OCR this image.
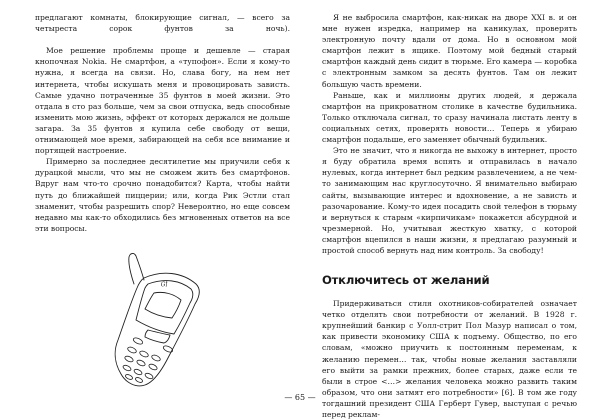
предлагают комнаты, блокирующие сигнал, — всего за четыреста сорок фунтов за ночь).

Мое решение проблемы проще и дешевле — старая кнопочная Nokia. Не смартфон, а «тупофон». Если я кому-то нужна, я всегда на связи. Но, слава богу, на нем нет интернета, чтобы искушать меня и провоцировать зависть. Самые удачно потраченные 35 фунтов в моей жизни. Это отдала в сто раз больше, чем за свои отпуска, ведь способные изменить мою жизнь, эффект от которых держался не дольше загара. За 35 фунтов я купила себе свободу от вещи, отнимающей мое время, забирающей на себя все внимание и портящей настроение.

Примерно за последнее десятилетие мы приучили себя к дурацкой мысли, что мы не сможем жить без смартфонов. Вдруг нам что-то срочно понадобится? Карта, чтобы найти путь до ближайшей пиццерии; или, когда Рик Эстли стал знаменит, чтобы разрешить спор? Невероятно, но еще совсем недавно мы как-то обходились без мгновенных ответов на все эти вопросы.

Gf

Я не выбросила смартфон, как-никак на дворе XXI в. и он мне нужен изредка, например на каникулах, проверять электронную почту вдали от дома. Но в основном мой смартфон лежит в ящике. Поэтому мой бедный старый смартфон каждый день сидит в тюрьме. Его камера — коробка с электронным замком за десять фунтов. Там он лежит большую часть времени.

Раньше, как и миллионы других людей, я держала смартфон на прикроватном столике в качестве будильника. Только отключала сигнал, то сразу начинала листать ленту в социальных сетях, проверять новости… Теперь я убираю смартфон подальше, его заменяет обычный будильник.

Это не значит, что я никогда не выхожу в интернет, просто я буду обратила время вспять и отправилась в начало нулевых, когда интернет был редким развлечением, а не чем-то занимающим нас круглосуточно. Я внимательно выбираю сайты, вызывающие интерес и вдохновение, а не зависть и разочарование. Кому-то идея посадить свой телефон в тюрьму и вернуться к старым «кирпичикам» покажется абсурдной и чрезмерной. Но, учитывая жесткую хватку, с которой смартфон вцепился в наши жизни, я предлагаю разумный и простой способ вернуть над ним контроль. За свободу!

Отключитесь от желаний

Придерживаться стиля охотников-собирателей означает четко отделять свои потребности от желаний. В 1928 г. крупнейший банкир с Уолл-стрит Пол Мазур написал о том, как привести экономику США к подъему. Общество, по его словам, «можно приучить к постоянным переменам, к желанию перемен… так, чтобы новые желания заставляли его выйти за рамки прежних, более старых, даже если те были в строе <…> желания человека можно развить таким образом, что они затмят его потребности» [6]. В том же году тогдашний президент США Герберт Гувер, выступая с речью перед реклам-

— 65 —
